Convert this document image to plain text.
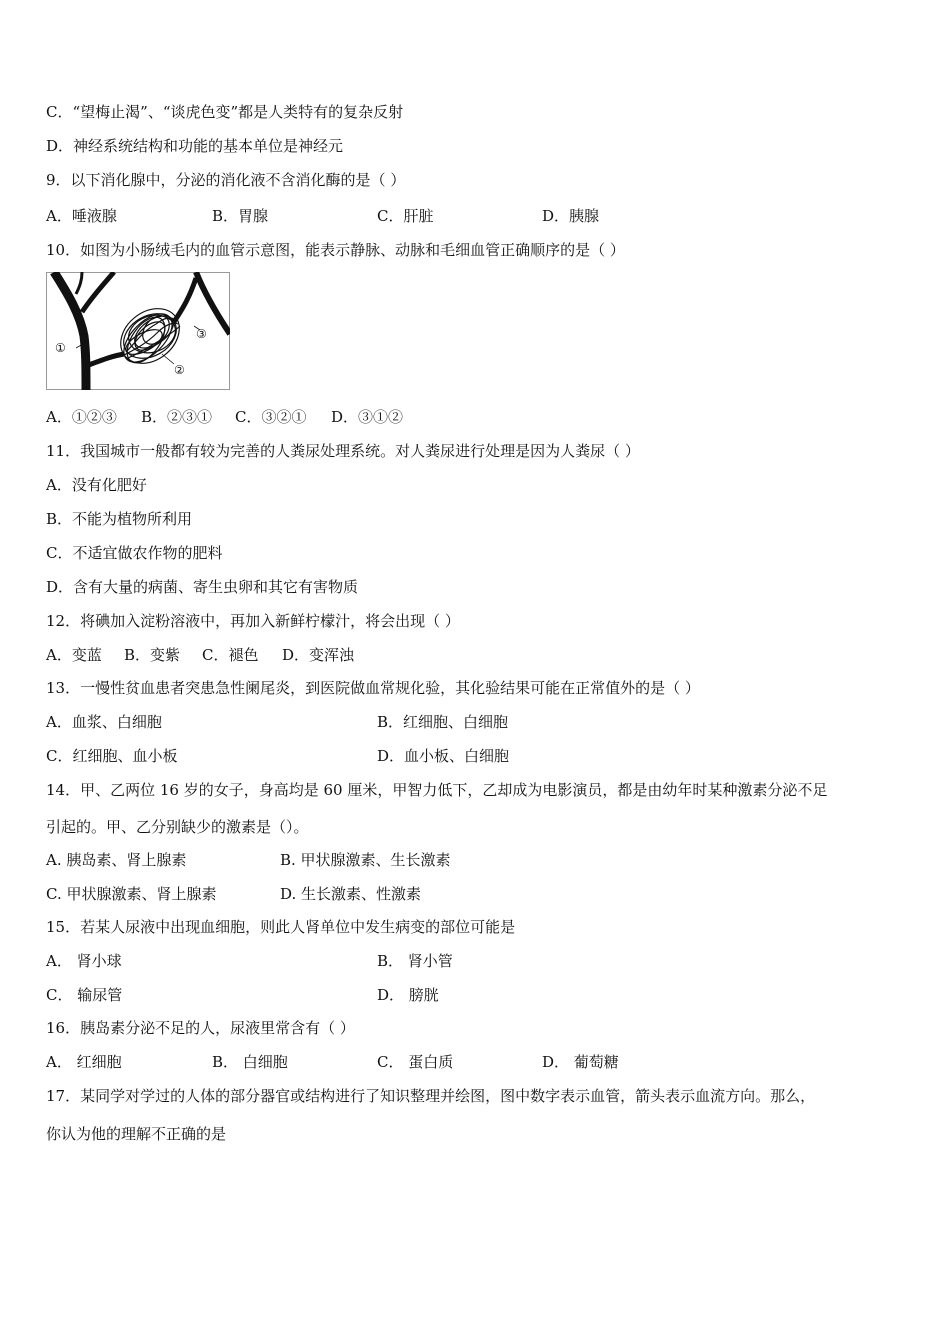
C．“望梅止渴”、“谈虎色变”都是人类特有的复杂反射
D．神经系统结构和功能的基本单位是神经元
9．以下消化腺中，分泌的消化液不含消化酶的是（ ）
A．唾液腺	B．胃腺	C．肝脏	D．胰腺
10．如图为小肠绒毛内的血管示意图，能表示静脉、动脉和毛细血管正确顺序的是（ ）
①
②
③
A．①②③ B．②③① C．③②① D．③①②
11．我国城市一般都有较为完善的人粪尿处理系统。对人粪尿进行处理是因为人粪尿（ ）
A．没有化肥好
B．不能为植物所利用
C．不适宜做农作物的肥料
D．含有大量的病菌、寄生虫卵和其它有害物质
12．将碘加入淀粉溶液中，再加入新鲜柠檬汁，将会出现（ ）
A．变蓝 B．变紫 C．褪色 D．变浑浊
13．一慢性贫血患者突患急性阑尾炎，到医院做血常规化验，其化验结果可能在正常值外的是（ ）
A．血浆、白细胞	B．红细胞、白细胞
C．红细胞、血小板	D．血小板、白细胞
14．甲、乙两位 16 岁的女子，身高均是 60 厘米，甲智力低下，乙却成为电影演员，都是由幼年时某种激素分泌不足
引起的。甲、乙分别缺少的激素是（）。
A. 胰岛素、肾上腺素	B. 甲状腺激素、生长激素
C. 甲状腺激素、肾上腺素	D. 生长激素、性激素
15．若某人尿液中出现血细胞，则此人肾单位中发生病变的部位可能是
A． 肾小球	B． 肾小管
C． 输尿管	D． 膀胱
16．胰岛素分泌不足的人，尿液里常含有（ ）
A． 红细胞	B． 白细胞	C． 蛋白质	D． 葡萄糖
17．某同学对学过的人体的部分器官或结构进行了知识整理并绘图，图中数字表示血管，箭头表示血流方向。那么，
你认为他的理解不正确的是
